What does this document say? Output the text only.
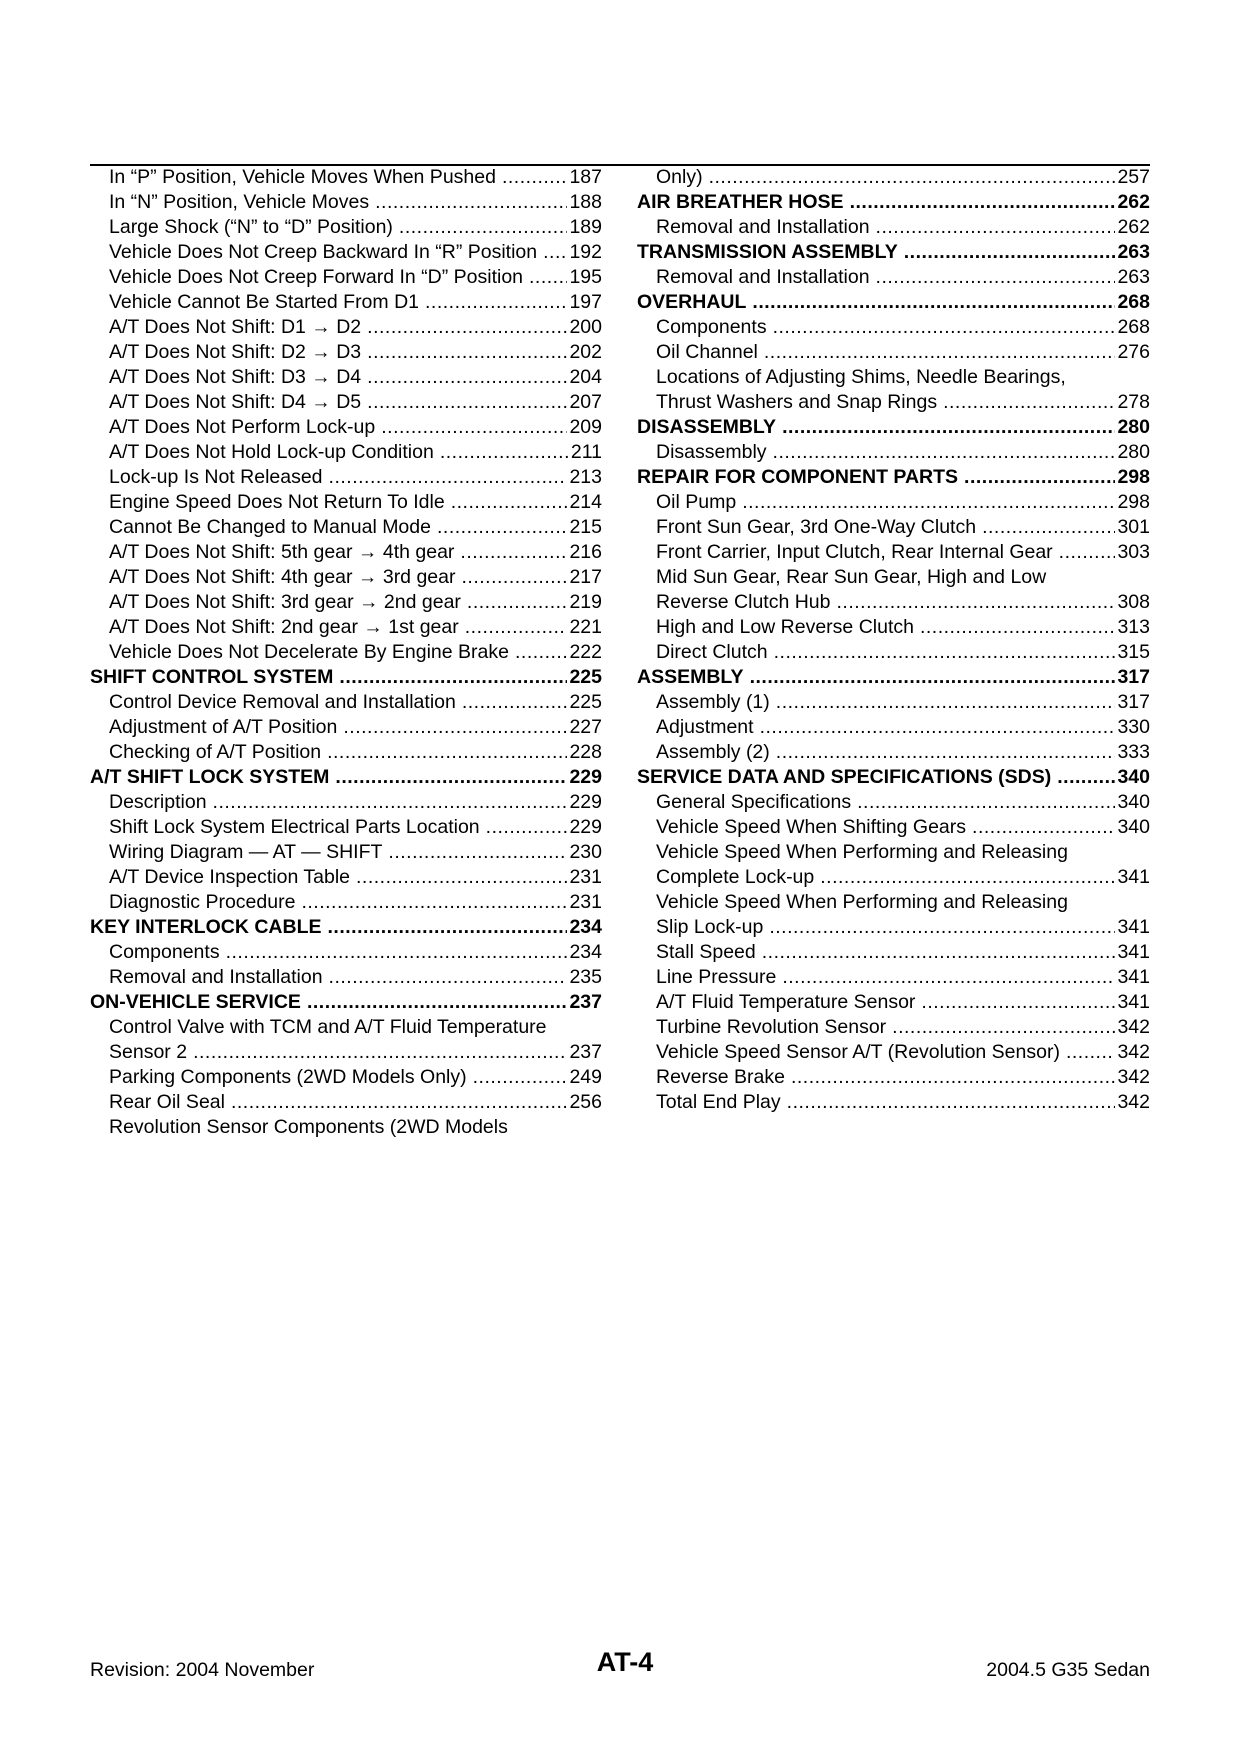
In “P” Position, Vehicle Moves When Pushed .....	187
In “N” Position, Vehicle Moves .....	188
Large Shock (“N” to “D” Position) .....	189
Vehicle Does Not Creep Backward In “R” Position ..... 192
Vehicle Does Not Creep Forward In “D” Position ..... 195
Vehicle Cannot Be Started From D1 .....	197
A/T Does Not Shift: D1 → D2 .....	200
A/T Does Not Shift: D2 → D3 .....	202
A/T Does Not Shift: D3 → D4 .....	204
A/T Does Not Shift: D4 → D5 .....	207
A/T Does Not Perform Lock-up .....	209
A/T Does Not Hold Lock-up Condition .....	211
Lock-up Is Not Released .....	213
Engine Speed Does Not Return To Idle .....	214
Cannot Be Changed to Manual Mode .....	215
A/T Does Not Shift: 5th gear → 4th gear .....	216
A/T Does Not Shift: 4th gear → 3rd gear .....	217
A/T Does Not Shift: 3rd gear → 2nd gear .....	219
A/T Does Not Shift: 2nd gear → 1st gear .....	221
Vehicle Does Not Decelerate By Engine Brake .....	222
SHIFT CONTROL SYSTEM .....	225
Control Device Removal and Installation .....	225
Adjustment of A/T Position .....	227
Checking of A/T Position .....	228
A/T SHIFT LOCK SYSTEM .....	229
Description .....	229
Shift Lock System Electrical Parts Location .....	229
Wiring Diagram — AT — SHIFT .....	230
A/T Device Inspection Table .....	231
Diagnostic Procedure .....	231
KEY INTERLOCK CABLE .....	234
Components .....	234
Removal and Installation .....	235
ON-VEHICLE SERVICE .....	237
Control Valve with TCM and A/T Fluid Temperature
Sensor 2 .....	237
Parking Components (2WD Models Only) .....	249
Rear Oil Seal .....	256
Revolution Sensor Components (2WD Models
Only) .....	257
AIR BREATHER HOSE .....	262
Removal and Installation .....	262
TRANSMISSION ASSEMBLY .....	263
Removal and Installation .....	263
OVERHAUL .....	268
Components .....	268
Oil Channel .....	276
Locations of Adjusting Shims, Needle Bearings,
Thrust Washers and Snap Rings .....	278
DISASSEMBLY .....	280
Disassembly .....	280
REPAIR FOR COMPONENT PARTS .....	298
Oil Pump .....	298
Front Sun Gear, 3rd One-Way Clutch .....	301
Front Carrier, Input Clutch, Rear Internal Gear .....	303
Mid Sun Gear, Rear Sun Gear, High and Low
Reverse Clutch Hub .....	308
High and Low Reverse Clutch .....	313
Direct Clutch .....	315
ASSEMBLY .....	317
Assembly (1) .....	317
Adjustment .....	330
Assembly (2) .....	333
SERVICE DATA AND SPECIFICATIONS (SDS) .....	340
General Specifications .....	340
Vehicle Speed When Shifting Gears .....	340
Vehicle Speed When Performing and Releasing
Complete Lock-up .....	341
Vehicle Speed When Performing and Releasing
Slip Lock-up .....	341
Stall Speed .....	341
Line Pressure .....	341
A/T Fluid Temperature Sensor .....	341
Turbine Revolution Sensor .....	342
Vehicle Speed Sensor A/T (Revolution Sensor) .....	342
Reverse Brake .....	342
Total End Play .....	342
Revision: 2004 November	AT-4	2004.5 G35 Sedan
